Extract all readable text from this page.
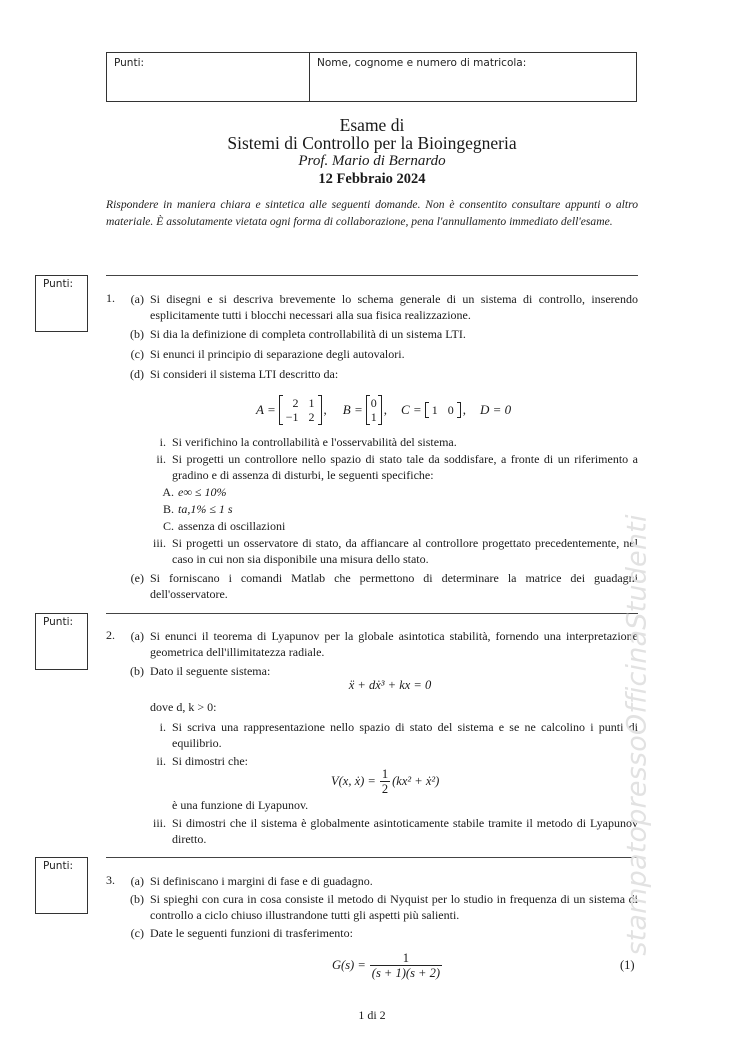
Punti:	Nome, cognome e numero di matricola:
Esame di
Sistemi di Controllo per la Bioingegneria
Prof. Mario di Bernardo
12 Febbraio 2024
Rispondere in maniera chiara e sintetica alle seguenti domande. Non è consentito consultare appunti o altro materiale. È assolutamente vietata ogni forma di collaborazione, pena l'annullamento immediato dell'esame.
Punti:
1.	(a) Si disegni e si descriva brevemente lo schema generale di un sistema di controllo, inserendo esplicitamente tutti i blocchi necessari alla sua fisica realizzazione.
(b) Si dia la definizione di completa controllabilità di un sistema LTI.
(c) Si enunci il principio di separazione degli autovalori.
(d) Si consideri il sistema LTI descritto da:
A =	2 1
−1 2 , B = 0
1 , C = 1 0 , D = 0
i. Si verifichino la controllabilità e l'osservabilità del sistema.
ii. Si progetti un controllore nello spazio di stato tale da soddisfare, a fronte di un riferimento a gradino e di assenza di disturbi, le seguenti specifiche:
A. e∞ ≤ 10%
B. ta,1% ≤ 1 s
C. assenza di oscillazioni
iii. Si progetti un osservatore di stato, da affiancare al controllore progettato precedentemente, nel caso in cui non sia disponibile una misura dello stato.
(e) Si forniscano i comandi Matlab che permettono di determinare la matrice dei guadagni dell'osservatore.
Punti:
2.	(a) Si enunci il teorema di Lyapunov per la globale asintotica stabilità, fornendo una interpretazione geometrica dell'illimitatezza radiale.
(b) Dato il seguente sistema:
ẍ + dẋ³ + kx = 0
dove d, k > 0:
i. Si scriva una rappresentazione nello spazio di stato del sistema e se ne calcolino i punti di equilibrio.
ii. Si dimostri che:
V(x, ẋ) = $\frac{1}{2} (kx^2$ + ẋ²)
è una funzione di Lyapunov.
iii. Si dimostri che il sistema è globalmente asintoticamente stabile tramite il metodo di Lyapunov diretto.
Punti:
3.	(a) Si definiscano i margini di fase e di guadagno.
(b) Si spieghi con cura in cosa consiste il metodo di Nyquist per lo studio in frequenza di un sistema di controllo a ciclo chiuso illustrandone tutti gli aspetti più salienti.
(c) Date le seguenti funzioni di trasferimento:
$G(s) = \frac{1}{(s + 1)(s + 2)}$	(1)
1 di 2
stampatopressoOfficinaStudenti
